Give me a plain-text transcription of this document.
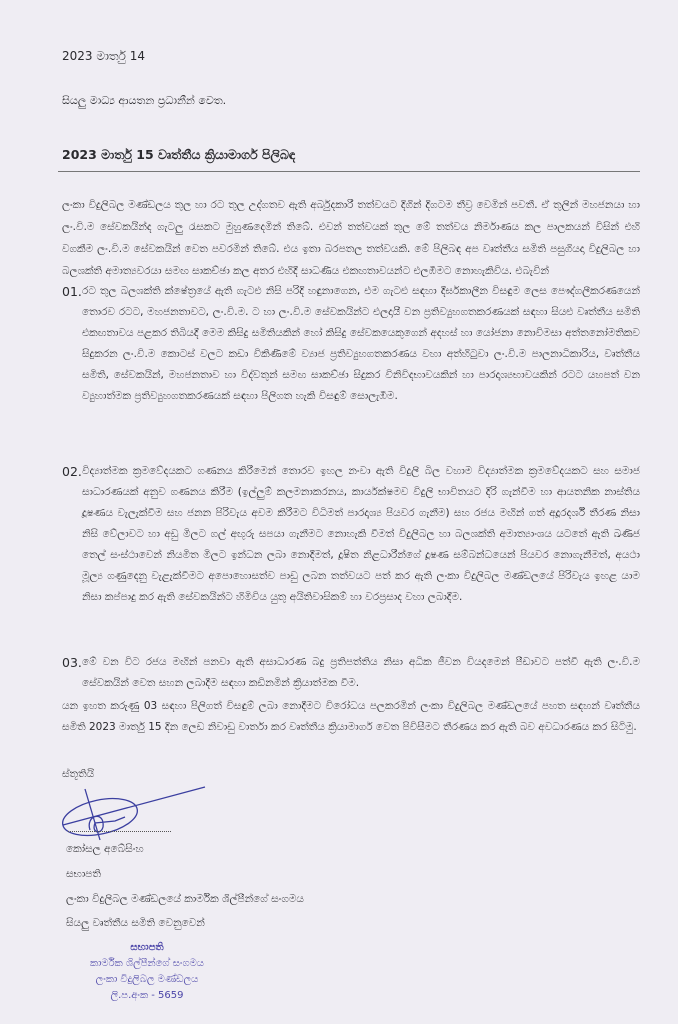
2023 මාර්තු 14
සියලු මාධ්‍ය ආයතන ප්‍රධානීන් වෙත.
2023 මාර්තු 15 වෘත්තීය ක්‍රියාමාර්ග පිලිබඳ
ලංකා විදුලිබල මණ්ඩලය තුල හා රට තුල උද්ගතව ඇති අර්බුදකාරී තත්වයට දිගින් දිගටම තීව්‍ර වෙමින් පවතී. ඒ තුලින් මහජනයා හා ලං.වි.ම සේවකයින්ද ගැටලු රැසකට මුහුණදෙමින් තිබේ. එවන් තත්වයක් තුල මේ තත්වය නිර්මාණය කල පාලකයන් විසින් එහි වගකීම ලං.වි.ම සේවකයින් වෙත පවරමින් තිබේ. එය ඉතා බරපතල තත්වයකි. මේ පිලිබඳ අප වෘත්තීය සමිති පසුගියදා විදුලිබල හා බලශක්ති අමාත්‍යවරයා සමඟ සාකච්ඡා කල අතර එහිදී සාධණීය එකඟතාවයන්ට එලඹීමට නොහැකිවිය. එබැවින්
01. රට තුල බලශක්ති ක්ෂේත්‍රයේ ඇති ගැටළු නිසි පරිදි හඳුනාගෙන, එම ගැටළු සඳහා දීර්ඝකාලීන විසඳුම ලෙස පෞද්ගලීකරණයෙන් තොරව රටට, මහජනතාවට, ලං.වි.ම. ට හා ලං.වි.ම සේවකයින්ට එලදායී වන ප්‍රතිව්‍යුහගතකරණයක් සඳහා සියළු වෘත්තීය සමිති එකඟතාවය පළකර තිබියදී මෙම කිසිදු සමිතියකින් හෝ කිසිදු සේවකයෙකුගෙන් අදහස් හා යෝජනා නොවිමසා අත්තනෝමතිකව සිදුකරන ලං.වි.ම කොටස් වලට කඩා විකිණීමේ ව්‍යාජ ප්‍රතිව්‍යුහගතකරණය වහා අත්හිටුවා ලං.වි.ම පාලනාධිකාරිය, වෘත්තීය සමිති, සේවකයින්, මහජනතාව හා විද්වතුන් සමඟ සාකච්ඡා සිදුකර විනිවිදභාවයකින් හා පාරදෘශ්‍යභාවයකින් රටට යහපත් වන ව්‍යුහාත්මක ප්‍රතිව්‍යුහගතකරණයක් සඳහා පිලිගත හැකි විසඳුම් සොලැඹීම.
02. විද්‍යාත්මක ක්‍රමවේදයකට ගණනය කිරීමෙන් තොරව ඉහල නංවා ඇති විදුලි බිල වහාම විද්‍යාත්මක ක්‍රමවේදයකට සහ සමාජ සාධාරණයක් අනුව ගණනය කිරීම (ඉල්ලුම් කලමනාකරනය, කාර්යක්ෂමව විදුලි භාවිතයට දිරි ගැන්වීම හා ආයතනික නාස්තිය දූෂණය වැලැක්වීම සහ ජනන පිරිවැය අවම කිරීමට විධිමත් පාරදෘශ්‍ය පියවර ගැනීම) සහ රජය මඟින් ගත් අදූරදර්ශී තීරණ නිසා නිසි වේලාවට හා අඩු මිලට ගල් අඟුරු සපයා ගැනීමට නොහැකි වීමත් විදුලිබල හා බලශක්ති අමාත්‍යාංශය යටතේ ඇති ඛණිජ තෙල් සංස්ථාවෙන් නියමිත මිලට ඉන්ධන ලබා නොදීමත්, දූෂිත නිළධාරීන්ගේ දූෂණ සම්බන්ධයෙන් පියවර නොගැනීමත්, අයථා මූල්‍ය ගණුදෙනු වැළැක්වීමට අපොහොසත්ව පාඩු ලබන තත්වයට පත් කර ඇති ලංකා විදුලිබල මණ්ඩලයේ පිරිවැය ඉහළ යාම නිසා කප්පාදු කර ඇති සේවකයින්ට හිමිවිය යුතු අයිතිවාසිකම් හා වරප්‍රසාද වහා ලබාදීම.
03. මේ වන විට රජය මඟින් පනවා ඇති අසාධාරණ බදු ප්‍රතිපත්තිය නිසා අධික ජීවන වියදමෙන් පීඩාවට පත්වී ඇති ලං.වි.ම සේවකයින් වෙත සහන ලබාදීම සඳහා කඩිනමින් ක්‍රියාත්මක වීම.
යන ඉහත කරුණු 03 සඳහා පිලිගත් විසඳුම් ලබා නොදීමට විරෝධය පලකරමින් ලංකා විදුලිබල මණ්ඩලයේ පහත සඳහන් වෘත්තීය සමිති 2023 මාර්තු 15 දින ලෙඩ නිවාඩු වාර්තා කර වෘත්තීය ක්‍රියාමාර්ග වෙත පිවිසීමට තීරණය කර ඇති බව අවධාරණය කර සිටිමු.
ස්තූතියි
කෝසල අබේසිංහ
සභාපති
ලංකා විදුලිබල මණ්ඩලයේ කාර්මික ශිල්පීන්ගේ සංගමය
සියලු වෘත්තීය සමිති වෙනුවෙන්
සභාපති
කාර්මික ශිල්පීන්ගේ සංගමය
ලංකා විදුලිබල මණ්ඩලය
ලි.ප.අංක - 5659
